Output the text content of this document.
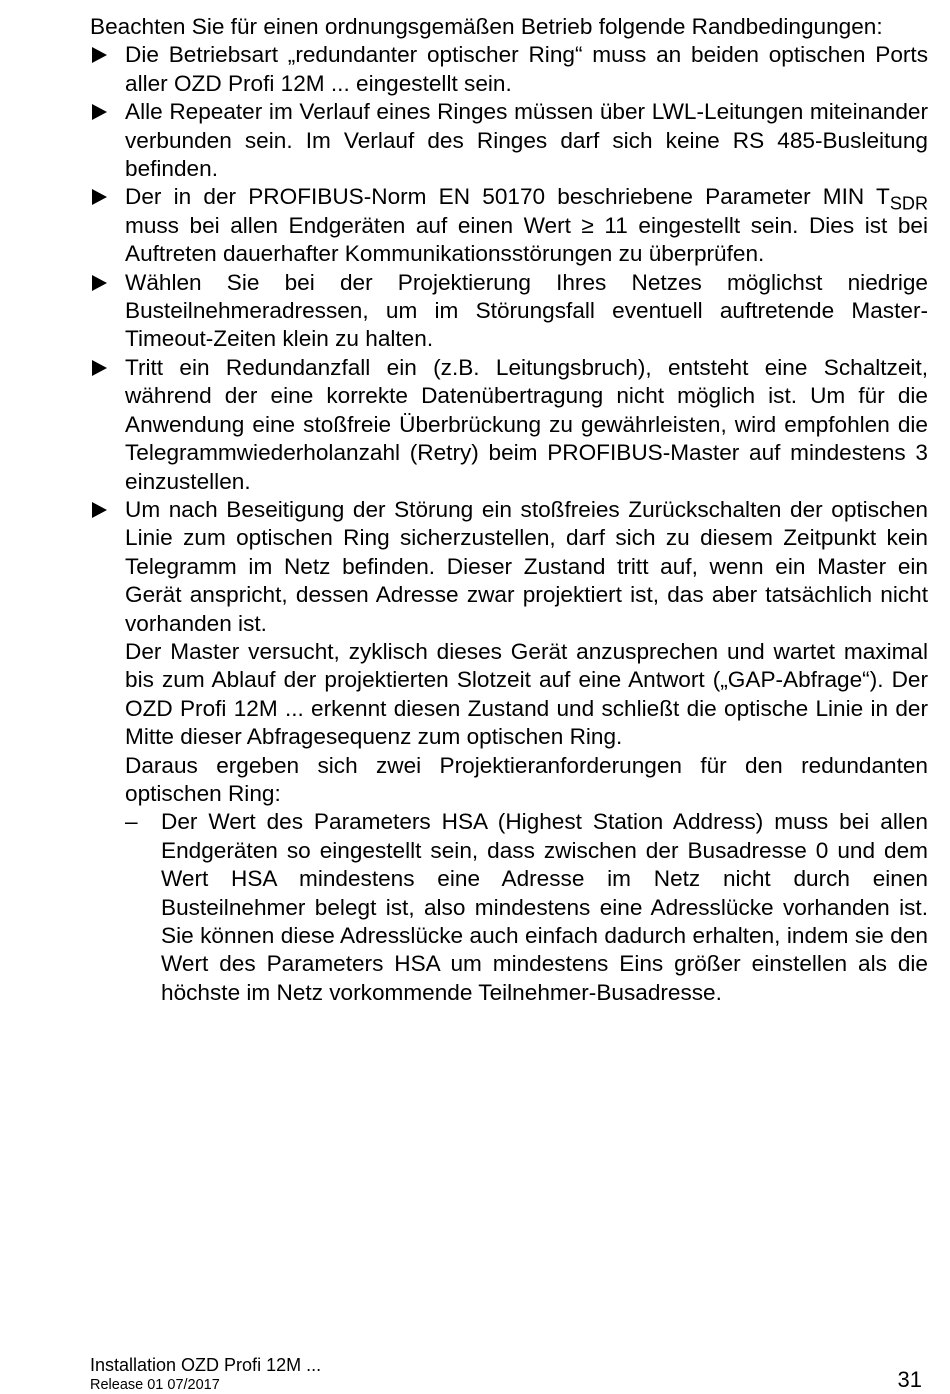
Beachten Sie für einen ordnungsgemäßen Betrieb folgende Randbedingungen:

Die Betriebsart „redundanter optischer Ring“ muss an beiden optischen Ports aller OZD Profi 12M ... eingestellt sein.
Alle Repeater im Verlauf eines Ringes müssen über LWL-Leitungen miteinander verbunden sein. Im Verlauf des Ringes darf sich keine RS 485-Busleitung befinden.
Der in der PROFIBUS-Norm EN 50170 beschriebene Parameter MIN $T_{SDR}$ muss bei allen Endgeräten auf einen Wert ≥ 11 eingestellt sein. Dies ist bei Auftreten dauerhafter Kommunikationsstörungen zu überprüfen.
Wählen Sie bei der Projektierung Ihres Netzes möglichst niedrige Busteilnehmeradressen, um im Störungsfall eventuell auftretende Master-Timeout-Zeiten klein zu halten.
Tritt ein Redundanzfall ein (z.B. Leitungsbruch), entsteht eine Schaltzeit, während der eine korrekte Datenübertragung nicht möglich ist. Um für die Anwendung eine stoßfreie Überbrückung zu gewährleisten, wird empfohlen die Telegrammwiederholanzahl (Retry) beim PROFIBUS-Master auf mindestens 3 einzustellen.
Um nach Beseitigung der Störung ein stoßfreies Zurückschalten der optischen Linie zum optischen Ring sicherzustellen, darf sich zu diesem Zeitpunkt kein Telegramm im Netz befinden. Dieser Zustand tritt auf, wenn ein Master ein Gerät anspricht, dessen Adresse zwar projektiert ist, das aber tatsächlich nicht vorhanden ist.
Der Master versucht, zyklisch dieses Gerät anzusprechen und wartet maximal bis zum Ablauf der projektierten Slotzeit auf eine Antwort („GAP-Abfrage“). Der OZD Profi 12M ... erkennt diesen Zustand und schließt die optische Linie in der Mitte dieser Abfragesequenz zum optischen Ring.
Daraus ergeben sich zwei Projektieranforderungen für den redundanten optischen Ring:
– Der Wert des Parameters HSA (Highest Station Address) muss bei allen Endgeräten so eingestellt sein, dass zwischen der Busadresse 0 und dem Wert HSA mindestens eine Adresse im Netz nicht durch einen Busteilnehmer belegt ist, also mindestens eine Adresslücke vorhanden ist. Sie können diese Adresslücke auch einfach dadurch erhalten, indem sie den Wert des Parameters HSA um mindestens Eins größer einstellen als die höchste im Netz vorkommende Teilnehmer-Busadresse.
Installation OZD Profi 12M ...
Release 01 07/2017	31
